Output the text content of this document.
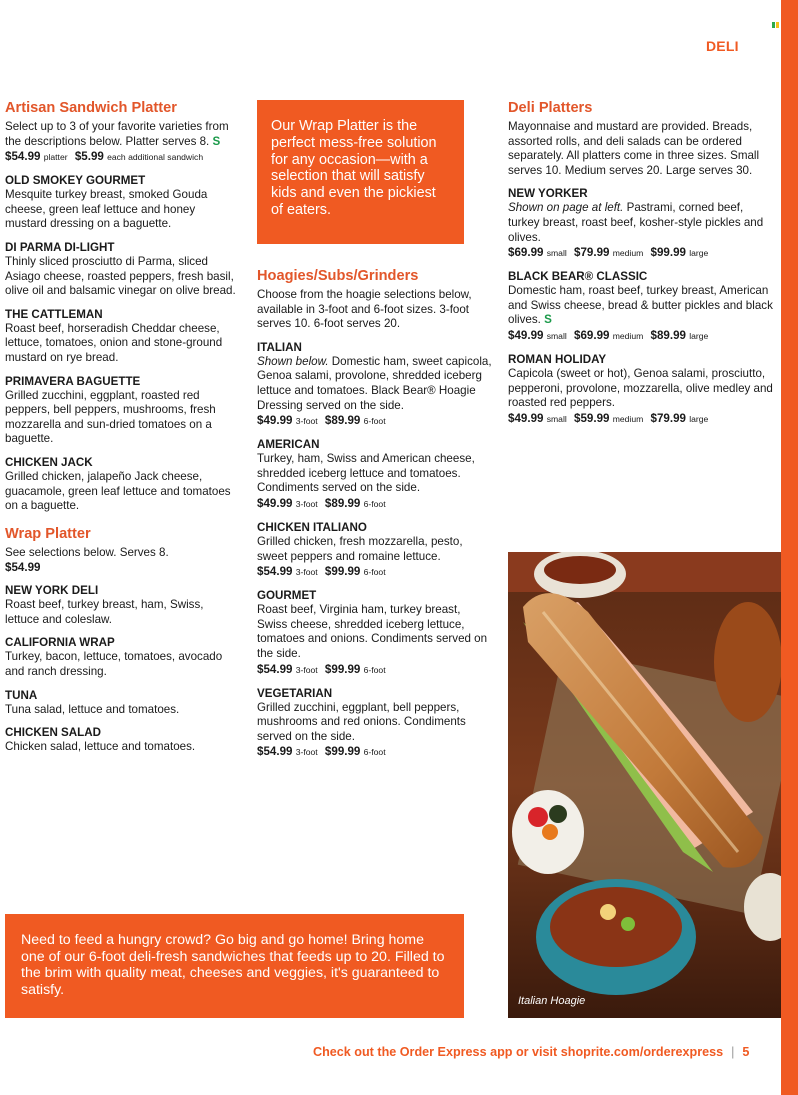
DELI
Artisan Sandwich Platter
Select up to 3 of your favorite varieties from the descriptions below. Platter serves 8. S
$54.99 platter $5.99 each additional sandwich
OLD SMOKEY GOURMET
Mesquite turkey breast, smoked Gouda cheese, green leaf lettuce and honey mustard dressing on a baguette.
DI PARMA DI-LIGHT
Thinly sliced prosciutto di Parma, sliced Asiago cheese, roasted peppers, fresh basil, olive oil and balsamic vinegar on olive bread.
THE CATTLEMAN
Roast beef, horseradish Cheddar cheese, lettuce, tomatoes, onion and stone-ground mustard on rye bread.
PRIMAVERA BAGUETTE
Grilled zucchini, eggplant, roasted red peppers, bell peppers, mushrooms, fresh mozzarella and sun-dried tomatoes on a baguette.
CHICKEN JACK
Grilled chicken, jalapeño Jack cheese, guacamole, green leaf lettuce and tomatoes on a baguette.
Wrap Platter
See selections below. Serves 8.
$54.99
NEW YORK DELI
Roast beef, turkey breast, ham, Swiss, lettuce and coleslaw.
CALIFORNIA WRAP
Turkey, bacon, lettuce, tomatoes, avocado and ranch dressing.
TUNA
Tuna salad, lettuce and tomatoes.
CHICKEN SALAD
Chicken salad, lettuce and tomatoes.

Our Wrap Platter is the perfect mess-free solution for any occasion—with a selection that will satisfy kids and even the pickiest of eaters.

Hoagies/Subs/Grinders
Choose from the hoagie selections below, available in 3-foot and 6-foot sizes. 3-foot serves 10. 6-foot serves 20.
ITALIAN
Shown below. Domestic ham, sweet capicola, Genoa salami, provolone, shredded iceberg lettuce and tomatoes. Black Bear® Hoagie Dressing served on the side.
$49.99 3-foot $89.99 6-foot
AMERICAN
Turkey, ham, Swiss and American cheese, shredded iceberg lettuce and tomatoes. Condiments served on the side.
$49.99 3-foot $89.99 6-foot
CHICKEN ITALIANO
Grilled chicken, fresh mozzarella, pesto, sweet peppers and romaine lettuce.
$54.99 3-foot $99.99 6-foot
GOURMET
Roast beef, Virginia ham, turkey breast, Swiss cheese, shredded iceberg lettuce, tomatoes and onions. Condiments served on the side.
$54.99 3-foot $99.99 6-foot
VEGETARIAN
Grilled zucchini, eggplant, bell peppers, mushrooms and red onions. Condiments served on the side.
$54.99 3-foot $99.99 6-foot
Deli Platters
Mayonnaise and mustard are provided. Breads, assorted rolls, and deli salads can be ordered separately. All platters come in three sizes. Small serves 10. Medium serves 20. Large serves 30.
NEW YORKER
Shown on page at left. Pastrami, corned beef, turkey breast, roast beef, kosher-style pickles and olives.
$69.99 small $79.99 medium $99.99 large
BLACK BEAR® CLASSIC
Domestic ham, roast beef, turkey breast, American and Swiss cheese, bread & butter pickles and black olives. S
$49.99 small $69.99 medium $89.99 large
ROMAN HOLIDAY
Capicola (sweet or hot), Genoa salami, prosciutto, pepperoni, provolone, mozzarella, olive medley and roasted red peppers.
$49.99 small $59.99 medium $79.99 large
Italian Hoagie

Need to feed a hungry crowd? Go big and go home! Bring home one of our 6-foot deli-fresh sandwiches that feeds up to 20. Filled to the brim with quality meat, cheeses and veggies, it's guaranteed to satisfy.

Check out the Order Express app or visit shoprite.com/orderexpress | 5
